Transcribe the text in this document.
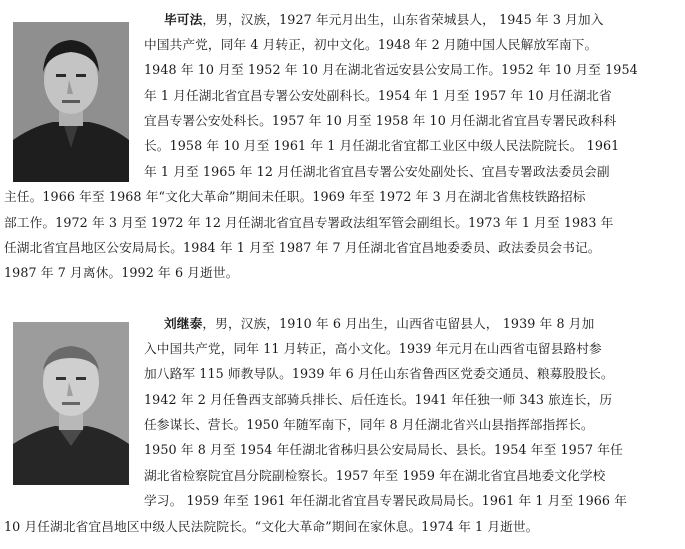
毕可法，男，汉族，1927 年元月出生，山东省荣城县人， 1945 年 3 月加入
中国共产党，同年 4 月转正，初中文化。1948 年 2 月随中国人民解放军南下。
1948 年 10 月至 1952 年 10 月在湖北省远安县公安局工作。1952 年 10 月至 1954
年 1 月任湖北省宜昌专署公安处副科长。1954 年 1 月至 1957 年 10 月任湖北省
宜昌专署公安处科长。1957 年 10 月至 1958 年 10 月任湖北省宜昌专署民政科科
长。1958 年 10 月至 1961 年 1 月任湖北省宜都工业区中级人民法院院长。 1961
年 1 月至 1965 年 12 月任湖北省宜昌专署公安处副处长、宜昌专署政法委员会副
主任。1966 年至 1968 年“文化大革命”期间未任职。1969 年至 1972 年 3 月在湖北省焦枝铁路招标
部工作。1972 年 3 月至 1972 年 12 月任湖北省宜昌专署政法组军管会副组长。1973 年 1 月至 1983 年
任湖北省宜昌地区公安局局长。1984 年 1 月至 1987 年 7 月任湖北省宜昌地委委员、政法委员会书记。
1987 年 7 月离休。1992 年 6 月逝世。
刘继泰，男，汉族，1910 年 6 月出生，山西省屯留县人， 1939 年 8 月加
入中国共产党，同年 11 月转正，高小文化。1939 年元月在山西省屯留县路村参
加八路军 115 师教导队。1939 年 6 月任山东省鲁西区党委交通员、粮募股股长。
1942 年 2 月任鲁西支部骑兵排长、后任连长。1941 年任独一师 343 旅连长，历
任参谋长、营长。1950 年随军南下，同年 8 月任湖北省兴山县指挥部指挥长。
1950 年 8 月至 1954 年任湖北省秭归县公安局局长、县长。1954 年至 1957 年任
湖北省检察院宜昌分院副检察长。1957 年至 1959 年在湖北省宜昌地委文化学校
学习。 1959 年至 1961 年任湖北省宜昌专署民政局局长。1961 年 1 月至 1966 年
10 月任湖北省宜昌地区中级人民法院院长。“文化大革命”期间在家休息。1974 年 1 月逝世。
